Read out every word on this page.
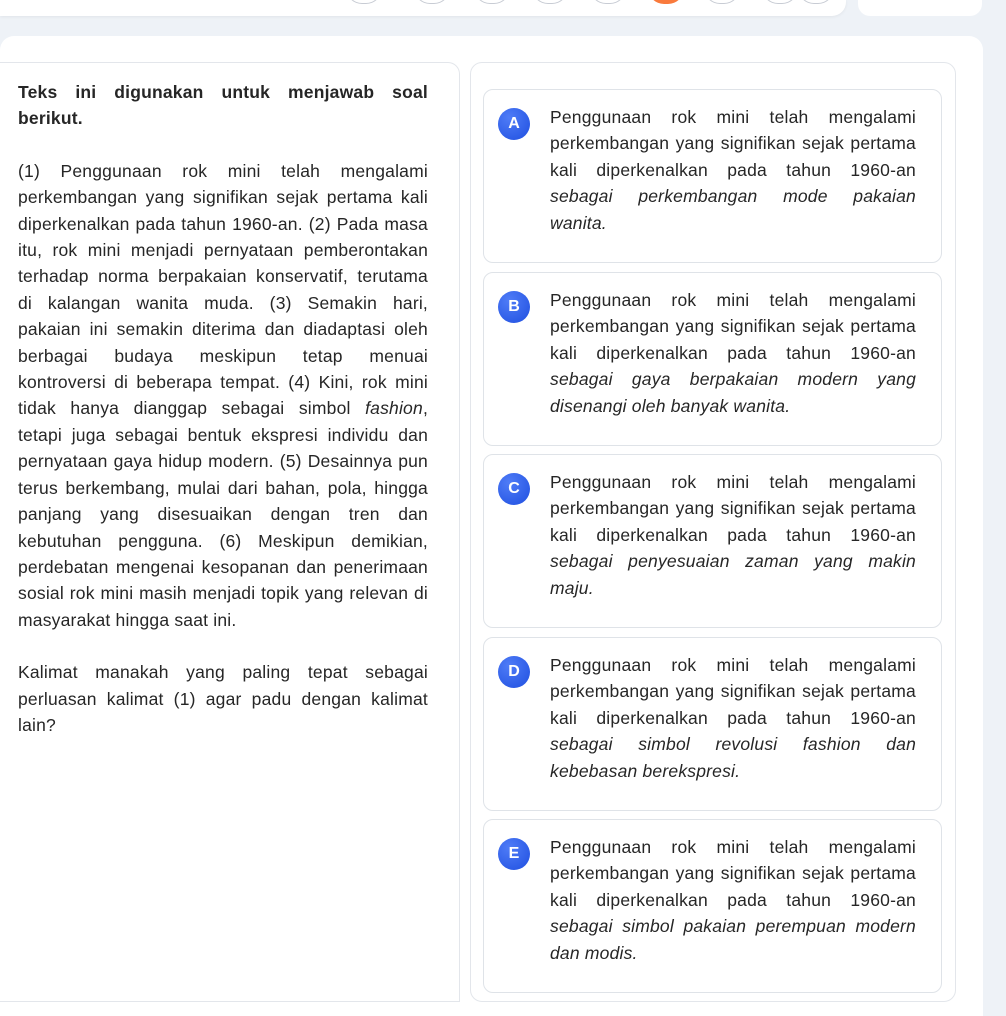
Teks ini digunakan untuk menjawab soal berikut.

(1) Penggunaan rok mini telah mengalami perkembangan yang signifikan sejak pertama kali diperkenalkan pada tahun 1960-an. (2) Pada masa itu, rok mini menjadi pernyataan pemberontakan terhadap norma berpakaian konservatif, terutama di kalangan wanita muda. (3) Semakin hari, pakaian ini semakin diterima dan diadaptasi oleh berbagai budaya meskipun tetap menuai kontroversi di beberapa tempat. (4) Kini, rok mini tidak hanya dianggap sebagai simbol fashion, tetapi juga sebagai bentuk ekspresi individu dan pernyataan gaya hidup modern. (5) Desainnya pun terus berkembang, mulai dari bahan, pola, hingga panjang yang disesuaikan dengan tren dan kebutuhan pengguna. (6) Meskipun demikian, perdebatan mengenai kesopanan dan penerimaan sosial rok mini masih menjadi topik yang relevan di masyarakat hingga saat ini.

Kalimat manakah yang paling tepat sebagai perluasan kalimat (1) agar padu dengan kalimat lain?

A	Penggunaan rok mini telah mengalami perkembangan yang signifikan sejak pertama kali diperkenalkan pada tahun 1960-an sebagai perkembangan mode pakaian wanita.
B	Penggunaan rok mini telah mengalami perkembangan yang signifikan sejak pertama kali diperkenalkan pada tahun 1960-an sebagai gaya berpakaian modern yang disenangi oleh banyak wanita.
C	Penggunaan rok mini telah mengalami perkembangan yang signifikan sejak pertama kali diperkenalkan pada tahun 1960-an sebagai penyesuaian zaman yang makin maju.
D	Penggunaan rok mini telah mengalami perkembangan yang signifikan sejak pertama kali diperkenalkan pada tahun 1960-an sebagai simbol revolusi fashion dan kebebasan berekspresi.
E	Penggunaan rok mini telah mengalami perkembangan yang signifikan sejak pertama kali diperkenalkan pada tahun 1960-an sebagai simbol pakaian perempuan modern dan modis.
